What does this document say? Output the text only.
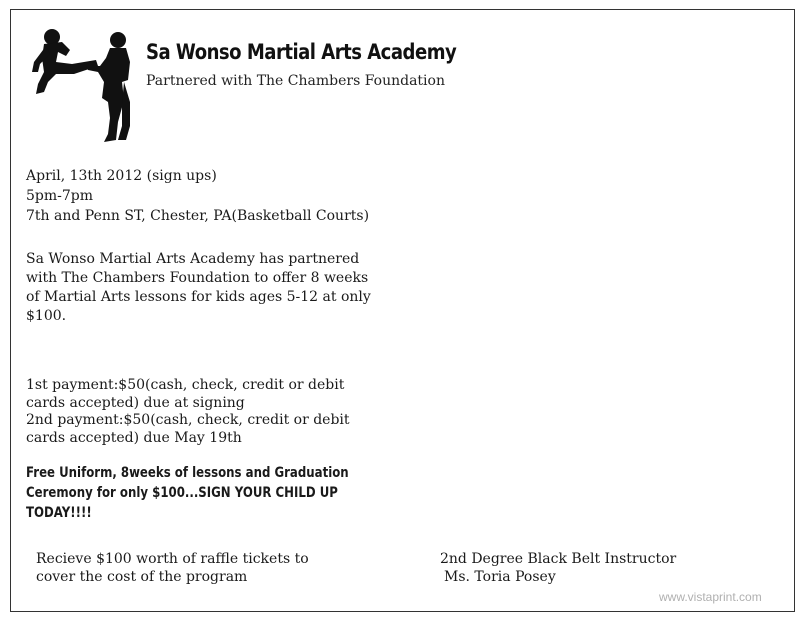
Sa Wonso Martial Arts Academy
Partnered with The Chambers Foundation
April, 13th 2012 (sign ups)
5pm-7pm
7th and Penn ST, Chester, PA(Basketball Courts)
Sa Wonso Martial Arts Academy has partnered
with The Chambers Foundation to offer 8 weeks
of Martial Arts lessons for kids ages 5-12 at only
$100.
1st payment:$50(cash, check, credit or debit
cards accepted) due at signing
2nd payment:$50(cash, check, credit or debit
cards accepted) due May 19th
Free Uniform, 8weeks of lessons and Graduation
Ceremony for only $100...SIGN YOUR CHILD UP
TODAY!!!!
Recieve $100 worth of raffle tickets to
cover the cost of the program
2nd Degree Black Belt Instructor
Ms. Toria Posey
www.vistaprint.com
